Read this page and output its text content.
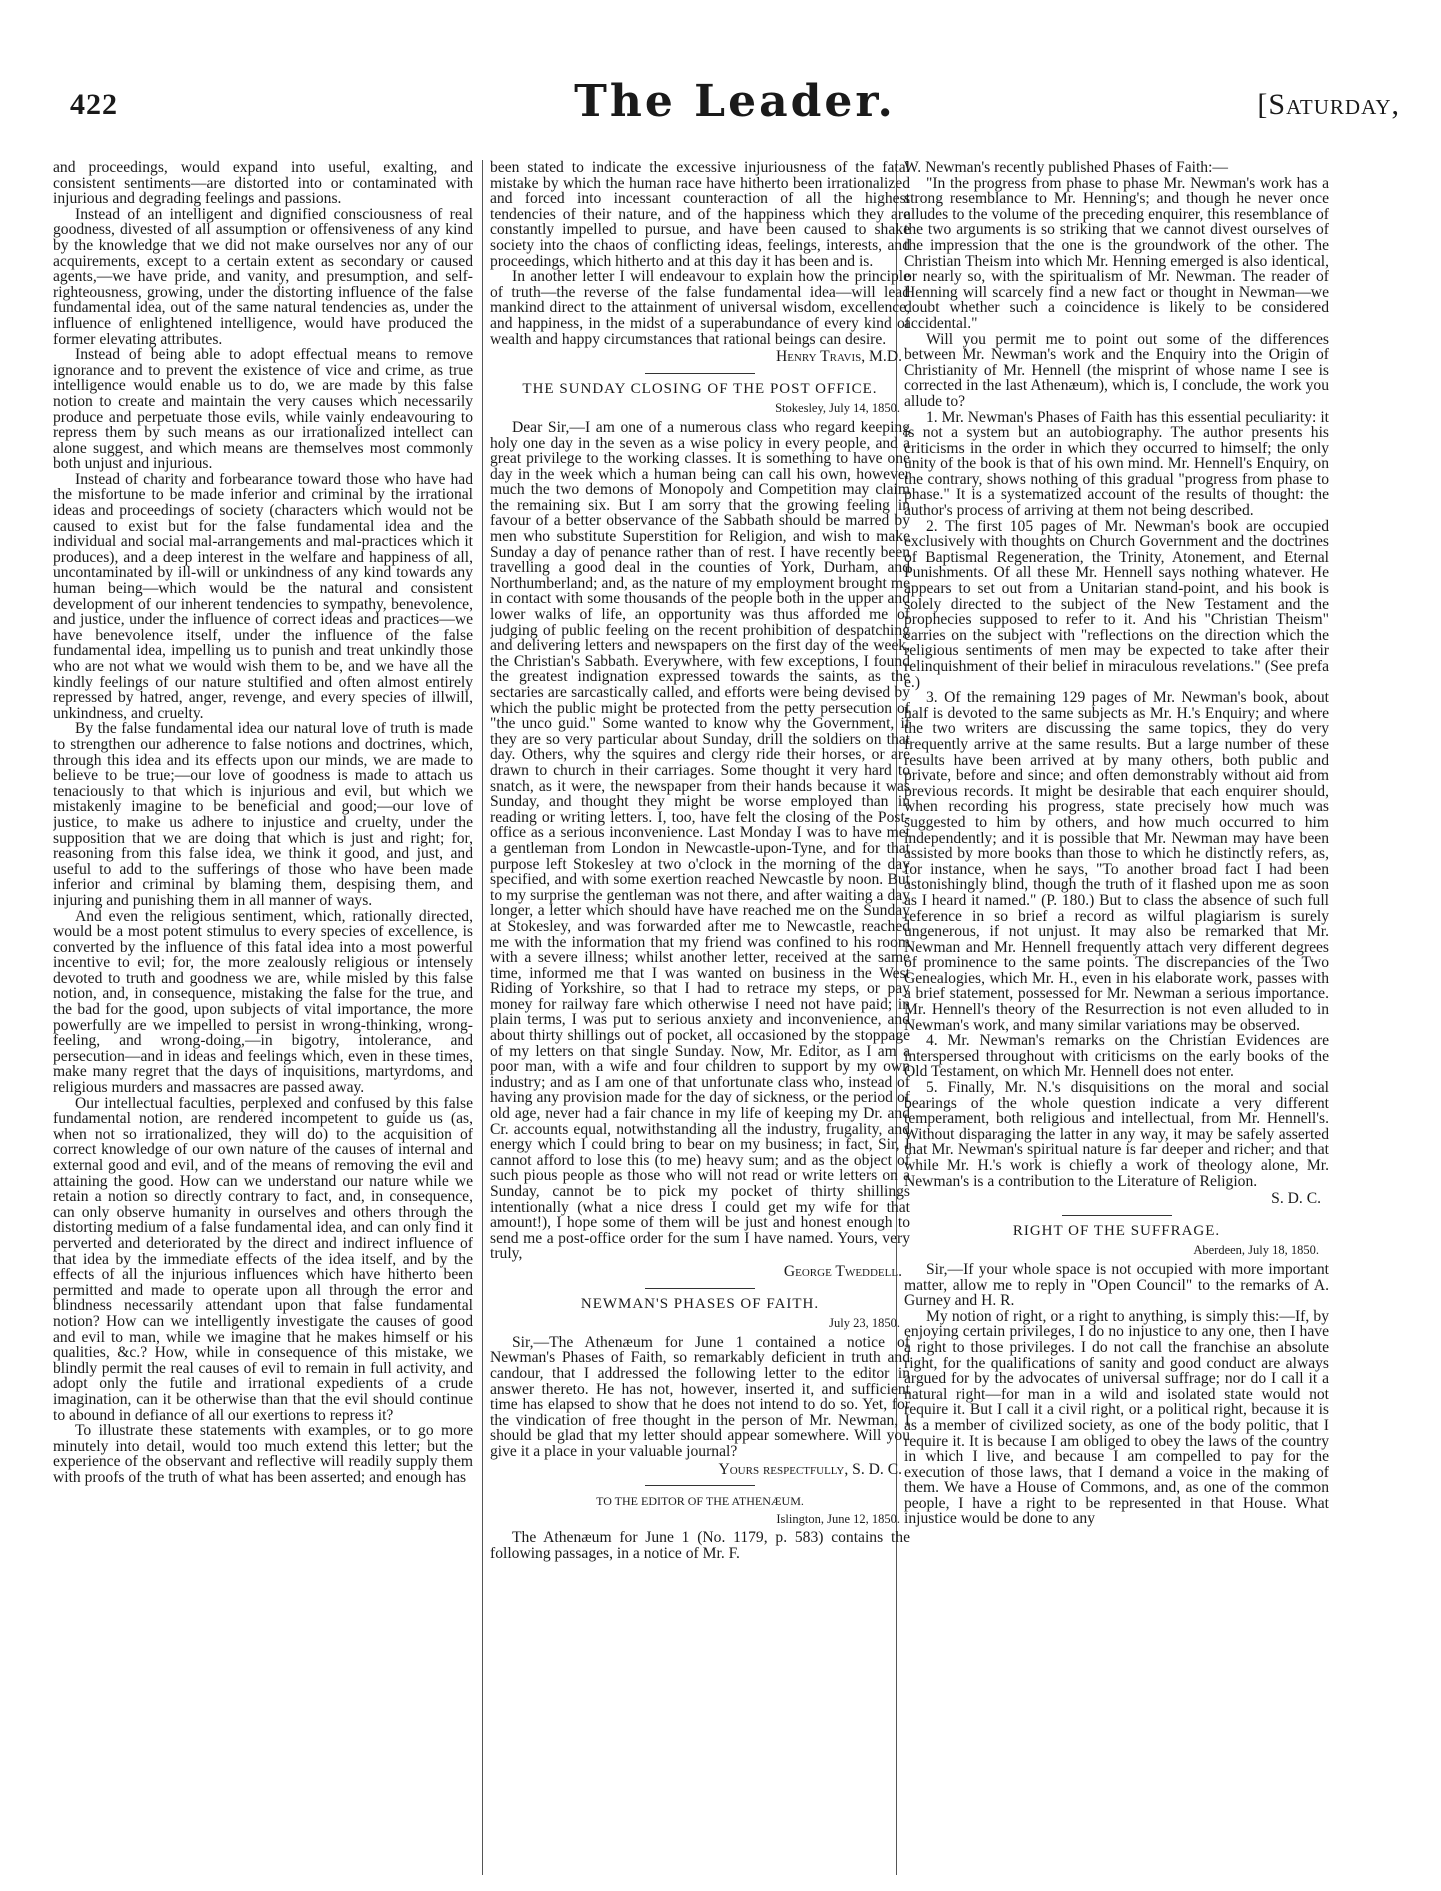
422	The Leader.	[Saturday,

and proceedings, would expand into useful, exalting, and consistent sentiments—are distorted into or contaminated with injurious and degrading feelings and passions.

Instead of an intelligent and dignified consciousness of real goodness, divested of all assumption or offensiveness of any kind by the knowledge that we did not make ourselves nor any of our acquirements, except to a certain extent as secondary or caused agents,—we have pride, and vanity, and presumption, and self-righteousness, growing, under the distorting influence of the false fundamental idea, out of the same natural tendencies as, under the influence of enlightened intelligence, would have produced the former elevating attributes.

Instead of being able to adopt effectual means to remove ignorance and to prevent the existence of vice and crime, as true intelligence would enable us to do, we are made by this false notion to create and maintain the very causes which necessarily produce and perpetuate those evils, while vainly endeavouring to repress them by such means as our irrationalized intellect can alone suggest, and which means are themselves most commonly both unjust and injurious.

Instead of charity and forbearance toward those who have had the misfortune to be made inferior and criminal by the irrational ideas and proceedings of society (characters which would not be caused to exist but for the false fundamental idea and the individual and social mal-arrangements and mal-practices which it produces), and a deep interest in the welfare and happiness of all, uncontaminated by ill-will or unkindness of any kind towards any human being—which would be the natural and consistent development of our inherent tendencies to sympathy, benevolence, and justice, under the influence of correct ideas and practices—we have benevolence itself, under the influence of the false fundamental idea, impelling us to punish and treat unkindly those who are not what we would wish them to be, and we have all the kindly feelings of our nature stultified and often almost entirely repressed by hatred, anger, revenge, and every species of illwill, unkindness, and cruelty.

By the false fundamental idea our natural love of truth is made to strengthen our adherence to false notions and doctrines, which, through this idea and its effects upon our minds, we are made to believe to be true;—our love of goodness is made to attach us tenaciously to that which is injurious and evil, but which we mistakenly imagine to be beneficial and good;—our love of justice, to make us adhere to injustice and cruelty, under the supposition that we are doing that which is just and right; for, reasoning from this false idea, we think it good, and just, and useful to add to the sufferings of those who have been made inferior and criminal by blaming them, despising them, and injuring and punishing them in all manner of ways.

And even the religious sentiment, which, rationally directed, would be a most potent stimulus to every species of excellence, is converted by the influence of this fatal idea into a most powerful incentive to evil; for, the more zealously religious or intensely devoted to truth and goodness we are, while misled by this false notion, and, in consequence, mistaking the false for the true, and the bad for the good, upon subjects of vital importance, the more powerfully are we impelled to persist in wrong-thinking, wrong-feeling, and wrong-doing,—in bigotry, intolerance, and persecution—and in ideas and feelings which, even in these times, make many regret that the days of inquisitions, martyrdoms, and religious murders and massacres are passed away.

Our intellectual faculties, perplexed and confused by this false fundamental notion, are rendered incompetent to guide us (as, when not so irrationalized, they will do) to the acquisition of correct knowledge of our own nature of the causes of internal and external good and evil, and of the means of removing the evil and attaining the good. How can we understand our nature while we retain a notion so directly contrary to fact, and, in consequence, can only observe humanity in ourselves and others through the distorting medium of a false fundamental idea, and can only find it perverted and deteriorated by the direct and indirect influence of that idea by the immediate effects of the idea itself, and by the effects of all the injurious influences which have hitherto been permitted and made to operate upon all through the error and blindness necessarily attendant upon that false fundamental notion? How can we intelligently investigate the causes of good and evil to man, while we imagine that he makes himself or his qualities, &c.? How, while in consequence of this mistake, we blindly permit the real causes of evil to remain in full activity, and adopt only the futile and irrational expedients of a crude imagination, can it be otherwise than that the evil should continue to abound in defiance of all our exertions to repress it?

To illustrate these statements with examples, or to go more minutely into detail, would too much extend this letter; but the experience of the observant and reflective will readily supply them with proofs of the truth of what has been asserted; and enough has

been stated to indicate the excessive injuriousness of the fatal mistake by which the human race have hitherto been irrationalized and forced into incessant counteraction of all the highest tendencies of their nature, and of the happiness which they are constantly impelled to pursue, and have been caused to shake society into the chaos of conflicting ideas, feelings, interests, and proceedings, which hitherto and at this day it has been and is.

In another letter I will endeavour to explain how the principle of truth—the reverse of the false fundamental idea—will lead mankind direct to the attainment of universal wisdom, excellence, and happiness, in the midst of a superabundance of every kind of wealth and happy circumstances that rational beings can desire.

Henry Travis, M.D.
THE SUNDAY CLOSING OF THE POST OFFICE.
Stokesley, July 14, 1850.

Dear Sir,—I am one of a numerous class who regard keeping holy one day in the seven as a wise policy in every people, and a great privilege to the working classes. It is something to have one day in the week which a human being can call his own, however much the two demons of Monopoly and Competition may claim the remaining six. But I am sorry that the growing feeling in favour of a better observance of the Sabbath should be marred by men who substitute Superstition for Religion, and wish to make Sunday a day of penance rather than of rest. I have recently been travelling a good deal in the counties of York, Durham, and Northumberland; and, as the nature of my employment brought me in contact with some thousands of the people both in the upper and lower walks of life, an opportunity was thus afforded me of judging of public feeling on the recent prohibition of despatching and delivering letters and newspapers on the first day of the week, the Christian's Sabbath. Everywhere, with few exceptions, I found the greatest indignation expressed towards the saints, as the sectaries are sarcastically called, and efforts were being devised by which the public might be protected from the petty persecution of "the unco guid." Some wanted to know why the Government, if they are so very particular about Sunday, drill the soldiers on that day. Others, why the squires and clergy ride their horses, or are drawn to church in their carriages. Some thought it very hard to snatch, as it were, the newspaper from their hands because it was Sunday, and thought they might be worse employed than in reading or writing letters. I, too, have felt the closing of the Post-office as a serious inconvenience. Last Monday I was to have met a gentleman from London in Newcastle-upon-Tyne, and for that purpose left Stokesley at two o'clock in the morning of the day specified, and with some exertion reached Newcastle by noon. But to my surprise the gentleman was not there, and after waiting a day longer, a letter which should have have reached me on the Sunday at Stokesley, and was forwarded after me to Newcastle, reached me with the information that my friend was confined to his room with a severe illness; whilst another letter, received at the same time, informed me that I was wanted on business in the West Riding of Yorkshire, so that I had to retrace my steps, or pay money for railway fare which otherwise I need not have paid; in plain terms, I was put to serious anxiety and inconvenience, and about thirty shillings out of pocket, all occasioned by the stoppage of my letters on that single Sunday. Now, Mr. Editor, as I am a poor man, with a wife and four children to support by my own industry; and as I am one of that unfortunate class who, instead of having any provision made for the day of sickness, or the period of old age, never had a fair chance in my life of keeping my Dr. and Cr. accounts equal, notwithstanding all the industry, frugality, and energy which I could bring to bear on my business; in fact, Sir, I cannot afford to lose this (to me) heavy sum; and as the object of such pious people as those who will not read or write letters on a Sunday, cannot be to pick my pocket of thirty shillings intentionally (what a nice dress I could get my wife for that amount!), I hope some of them will be just and honest enough to send me a post-office order for the sum I have named. Yours, very truly,

George Tweddell.
NEWMAN'S PHASES OF FAITH.
July 23, 1850.

Sir,—The Athenæum for June 1 contained a notice of Newman's Phases of Faith, so remarkably deficient in truth and candour, that I addressed the following letter to the editor in answer thereto. He has not, however, inserted it, and sufficient time has elapsed to show that he does not intend to do so. Yet, for the vindication of free thought in the person of Mr. Newman, I should be glad that my letter should appear somewhere. Will you give it a place in your valuable journal?

Yours respectfully, S. D. C.
TO THE EDITOR OF THE ATHENÆUM.
Islington, June 12, 1850.

The Athenæum for June 1 (No. 1179, p. 583) contains the following passages, in a notice of Mr. F.

W. Newman's recently published Phases of Faith:—

"In the progress from phase to phase Mr. Newman's work has a strong resemblance to Mr. Henning's; and though he never once alludes to the volume of the preceding enquirer, this resemblance of the two arguments is so striking that we cannot divest ourselves of the impression that the one is the groundwork of the other. The Christian Theism into which Mr. Henning emerged is also identical, or nearly so, with the spiritualism of Mr. Newman. The reader of Henning will scarcely find a new fact or thought in Newman—we doubt whether such a coincidence is likely to be considered accidental."

Will you permit me to point out some of the differences between Mr. Newman's work and the Enquiry into the Origin of Christianity of Mr. Hennell (the misprint of whose name I see is corrected in the last Athenæum), which is, I conclude, the work you allude to?

1. Mr. Newman's Phases of Faith has this essential peculiarity: it is not a system but an autobiography. The author presents his criticisms in the order in which they occurred to himself; the only unity of the book is that of his own mind. Mr. Hennell's Enquiry, on the contrary, shows nothing of this gradual "progress from phase to phase." It is a systematized account of the results of thought: the author's process of arriving at them not being described.

2. The first 105 pages of Mr. Newman's book are occupied exclusively with thoughts on Church Government and the doctrines of Baptismal Regeneration, the Trinity, Atonement, and Eternal Punishments. Of all these Mr. Hennell says nothing whatever. He appears to set out from a Unitarian stand-point, and his book is solely directed to the subject of the New Testament and the prophecies supposed to refer to it. And his "Christian Theism" carries on the subject with "reflections on the direction which the religious sentiments of men may be expected to take after their relinquishment of their belief in miraculous revelations." (See prefa e.)

3. Of the remaining 129 pages of Mr. Newman's book, about half is devoted to the same subjects as Mr. H.'s Enquiry; and where the two writers are discussing the same topics, they do very frequently arrive at the same results. But a large number of these results have been arrived at by many others, both public and private, before and since; and often demonstrably without aid from previous records. It might be desirable that each enquirer should, when recording his progress, state precisely how much was suggested to him by others, and how much occurred to him independently; and it is possible that Mr. Newman may have been assisted by more books than those to which he distinctly refers, as, for instance, when he says, "To another broad fact I had been astonishingly blind, though the truth of it flashed upon me as soon as I heard it named." (P. 180.) But to class the absence of such full reference in so brief a record as wilful plagiarism is surely ungenerous, if not unjust. It may also be remarked that Mr. Newman and Mr. Hennell frequently attach very different degrees of prominence to the same points. The discrepancies of the Two Genealogies, which Mr. H., even in his elaborate work, passes with a brief statement, possessed for Mr. Newman a serious importance. Mr. Hennell's theory of the Resurrection is not even alluded to in Newman's work, and many similar variations may be observed.

4. Mr. Newman's remarks on the Christian Evidences are interspersed throughout with criticisms on the early books of the Old Testament, on which Mr. Hennell does not enter.

5. Finally, Mr. N.'s disquisitions on the moral and social bearings of the whole question indicate a very different temperament, both religious and intellectual, from Mr. Hennell's. Without disparaging the latter in any way, it may be safely asserted that Mr. Newman's spiritual nature is far deeper and richer; and that while Mr. H.'s work is chiefly a work of theology alone, Mr. Newman's is a contribution to the Literature of Religion.

S. D. C.
RIGHT OF THE SUFFRAGE.
Aberdeen, July 18, 1850.

Sir,—If your whole space is not occupied with more important matter, allow me to reply in "Open Council" to the remarks of A. Gurney and H. R.

My notion of right, or a right to anything, is simply this:—If, by enjoying certain privileges, I do no injustice to any one, then I have a right to those privileges. I do not call the franchise an absolute right, for the qualifications of sanity and good conduct are always argued for by the advocates of universal suffrage; nor do I call it a natural right—for man in a wild and isolated state would not require it. But I call it a civil right, or a political right, because it is as a member of civilized society, as one of the body politic, that I require it. It is because I am obliged to obey the laws of the country in which I live, and because I am compelled to pay for the execution of those laws, that I demand a voice in the making of them. We have a House of Commons, and, as one of the common people, I have a right to be represented in that House. What injustice would be done to any
